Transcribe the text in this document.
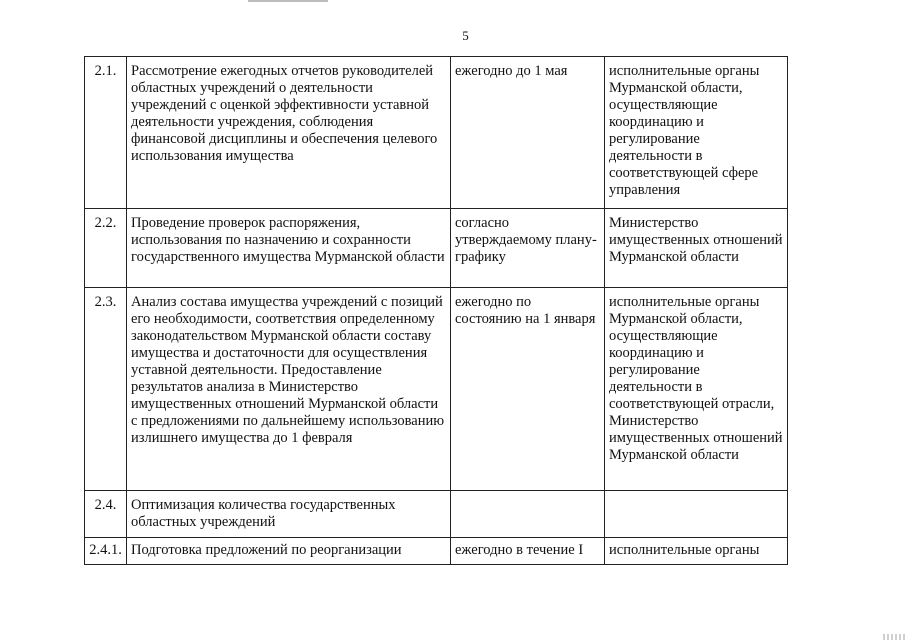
5
2.1.	Рассмотрение ежегодных отчетов руководителей областных учреждений о деятельности учреждений с оценкой эффективности уставной деятельности учреждения, соблюдения финансовой дисциплины и обеспечения целевого использования имущества	ежегодно до 1 мая	исполнительные органы Мурманской области, осуществляющие координацию и регулирование деятельности в соответствующей сфере управления
2.2.	Проведение проверок распоряжения, использования по назначению и сохранности государственного имущества Мурманской области	согласно утверждаемому плану-графику	Министерство имущественных отношений Мурманской области
2.3.	Анализ состава имущества учреждений с позиций его необходимости, соответствия определенному законодательством Мурманской области составу имущества и достаточности для осуществления уставной деятельности. Предоставление результатов анализа в Министерство имущественных отношений Мурманской области с предложениями по дальнейшему использованию излишнего имущества до 1 февраля	ежегодно по состоянию на 1 января	исполнительные органы Мурманской области, осуществляющие координацию и регулирование деятельности в соответствующей отрасли, Министерство имущественных отношений Мурманской области
2.4.	Оптимизация количества государственных областных учреждений		
2.4.1.	Подготовка предложений по реорганизации	ежегодно в течение I	исполнительные органы
